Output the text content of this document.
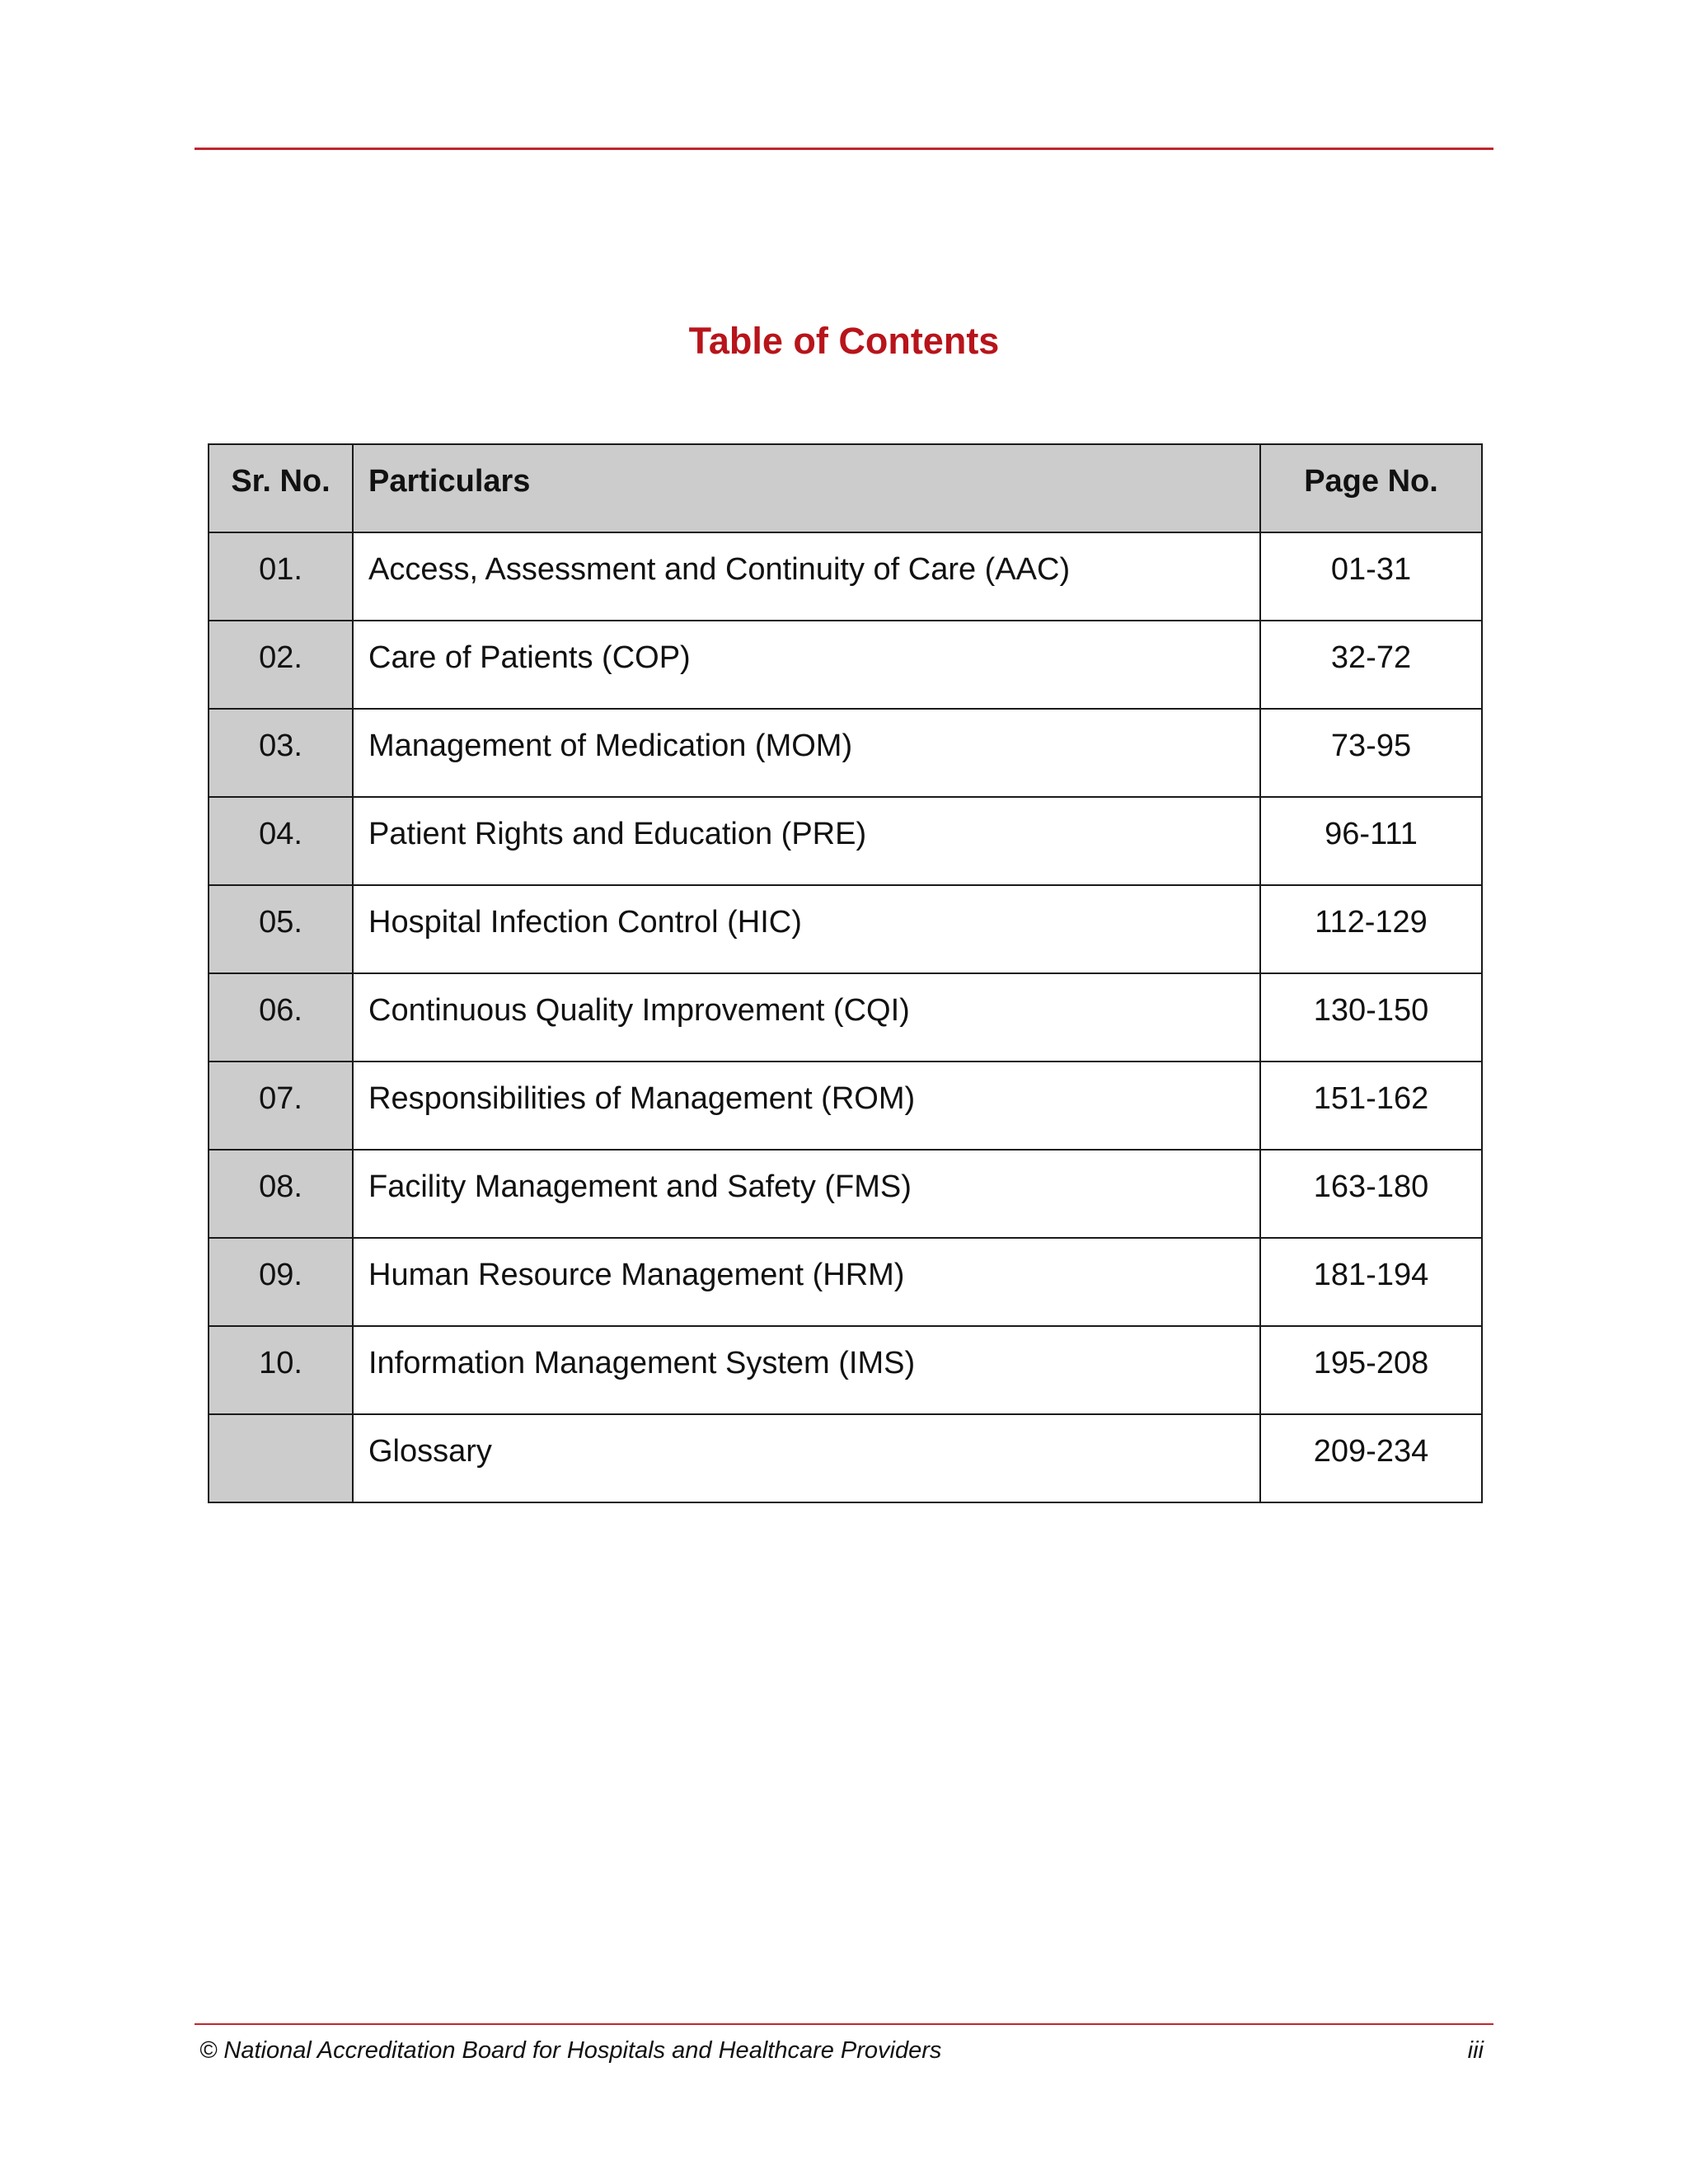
Table of Contents
Sr. No.	Particulars	Page No.
01.	Access, Assessment and Continuity of Care (AAC)	01-31
02.	Care of Patients (COP)	32-72
03.	Management of Medication (MOM)	73-95
04.	Patient Rights and Education (PRE)	96-111
05.	Hospital Infection Control (HIC)	112-129
06.	Continuous Quality Improvement (CQI)	130-150
07.	Responsibilities of Management (ROM)	151-162
08.	Facility Management and Safety (FMS)	163-180
09.	Human Resource Management (HRM)	181-194
10.	Information Management System (IMS)	195-208
	Glossary	209-234
© National Accreditation Board for Hospitals and Healthcare Providers	iii
